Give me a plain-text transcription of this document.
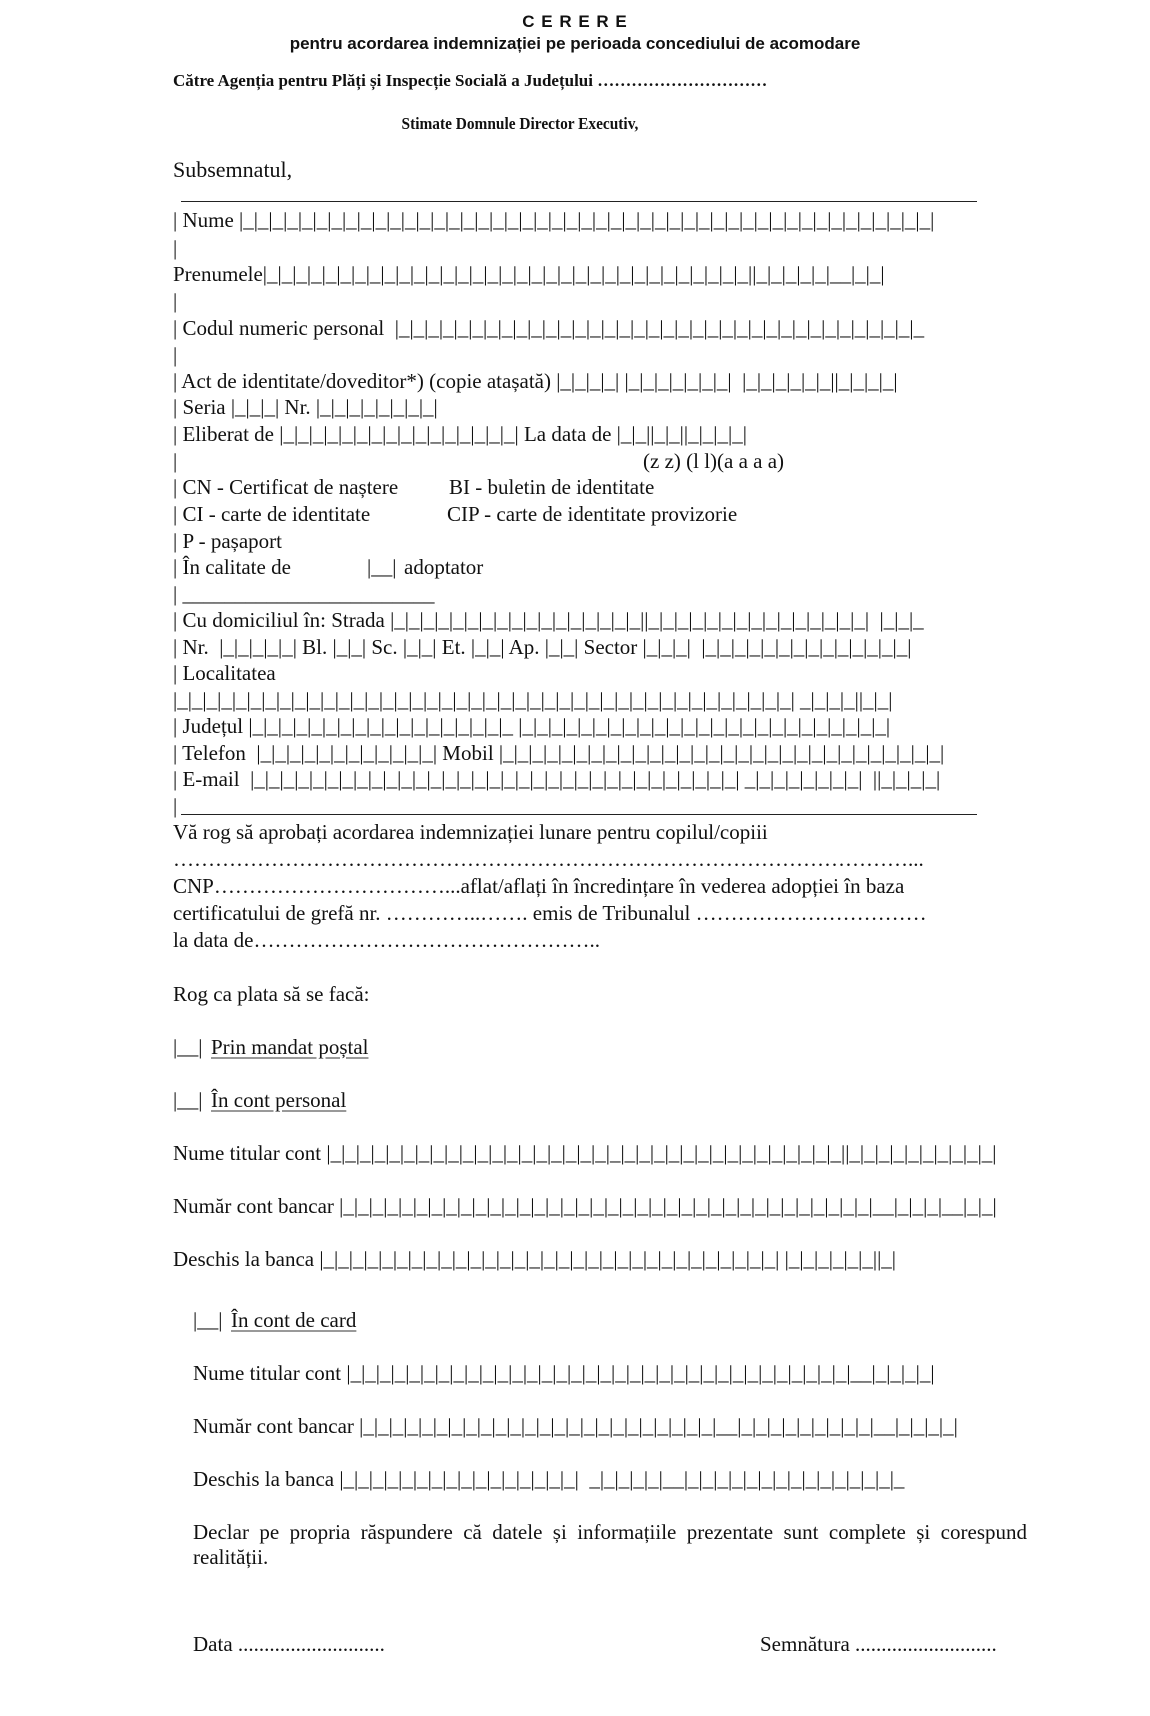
C E R E R E
pentru acordarea indemnizației pe perioada concediului de acomodare
Către Agenția pentru Plăți și Inspecție Socială a Județului …………………………
Stimate Domnule Director Executiv,
Subsemnatul,
| Nume |_|_|_|_|_|_|_|_|_|_|_|_|_|_|_|_|_|_|_|_|_|_|_|_|_|_|_|_|_|_|_|_|_|_|_|_|_|_|_|_|_|_|_|_|_|_|_|
|
Prenumele|_|_|_|_|_|_|_|_|_|_|_|_|_|_|_|_|_|_|_|_|_|_|_|_|_|_|_|_|_|_|_|_|_||_|_|_|_|_|__|_|_|
|
| Codul numeric personal  |_|_|_|_|_|_|_|_|_|_|_|_|_|_|_|_|_|_|_|_|_|_|_|_|_|_|_|_|_|_|_|_|_|_|_|_
|
| Act de identitate/doveditor*) (copie atașată) |_|_|_|_| |_|_|_|_|_|_|_|  |_|_|_|_|_|_||_|_|_|_|
| Seria |_|_|_| Nr. |_|_|_|_|_|_|_|_|
| Eliberat de |_|_|_|_|_|_|_|_|_|_|_|_|_|_|_|_| La data de |_|_||_|_||_|_|_|_|
|	(z z) (l l)(a a a a)
| CN - Certificat de naștere BI - buletin de identitate
| CI - carte de identitate	CIP - carte de identitate provizorie
| P - pașaport
| În calitate de	|__| adoptator
| ________________________
| Cu domiciliul în: Strada |_|_|_|_|_|_|_|_|_|_|_|_|_|_|_|_|_||_|_|_|_|_|_|_|_|_|_|_|_|_|_|_|  |_|_|_
| Nr.  |_|_|_|_|_| Bl. |_|_| Sc. |_|_| Et. |_|_| Ap. |_|_| Sector |_|_|_|  |_|_|_|_|_|_|_|_|_|_|_|_|_|_|
| Localitatea
|_|_|_|_|_|_|_|_|_|_|_|_|_|_|_|_|_|_|_|_|_|_|_|_|_|_|_|_|_|_|_|_|_|_|_|_|_|_|_|_|_|_| _|_|_|_||_|_|
| Județul |_|_|_|_|_|_|_|_|_|_|_|_|_|_|_|_|_|_ |_|_|_|_|_|_|_|_|_|_|_|_|_|_|_|_|_|_|_|_|_|_|_|_|_|
| Telefon  |_|_|_|_|_|_|_|_|_|_|_|_| Mobil |_|_|_|_|_|_|_|_|_|_|_|_|_|_|_|_|_|_|_|_|_|_|_|_|_|_|_|_|_|_|
| E-mail  |_|_|_|_|_|_|_|_|_|_|_|_|_|_|_|_|_|_|_|_|_|_|_|_|_|_|_|_|_|_|_|_|_| _|_|_|_|_|_|_|_|  ||_|_|_|_|
|
Vă rog să aprobați acordarea indemnizației lunare pentru copilul/copiii
……………………………………………………………………………………………...
CNP……………………………...aflat/aflați în încredințare în vederea adopției în baza
certificatului de grefă nr. …………..……. emis de Tribunalul ……………………………
la data de…………………………………………..
Rog ca plata să se facă:
|__| Prin mandat poștal
|__| În cont personal
Nume titular cont |_|_|_|_|_|_|_|_|_|_|_|_|_|_|_|_|_|_|_|_|_|_|_|_|_|_|_|_|_|_|_|_|_|_|_||_|_|_|_|_|_|_|_|_|_|
Număr cont bancar |_|_|_|_|_|_|_|_|_|_|_|_|_|_|_|_|_|_|_|_|_|_|_|_|_|_|_|_|_|_|_|_|_|_|_|_|__|_|_|_|__|_|_|
Deschis la banca |_|_|_|_|_|_|_|_|_|_|_|_|_|_|_|_|_|_|_|_|_|_|_|_|_|_|_|_|_|_|_| |_|_|_|_|_|_||_|
|__| În cont de card
Nume titular cont |_|_|_|_|_|_|_|_|_|_|_|_|_|_|_|_|_|_|_|_|_|_|_|_|_|_|_|_|_|_|_|_|_|_|__|_|_|_|_|
Număr cont bancar |_|_|_|_|_|_|_|_|_|_|_|_|_|_|_|_|_|_|_|_|_|_|_|_|__|_|_|_|_|_|_|_|_|_|__|_|_|_|_|
Deschis la banca |_|_|_|_|_|_|_|_|_|_|_|_|_|_|_|_|  _|_|_|_|_|__|_|_|_|_|_|_|_|_|_|_|_|_|_|_|_
Declar pe propria răspundere că datele și informațiile prezentate sunt complete și corespund realității.
Data ............................	Semnătura ...........................
